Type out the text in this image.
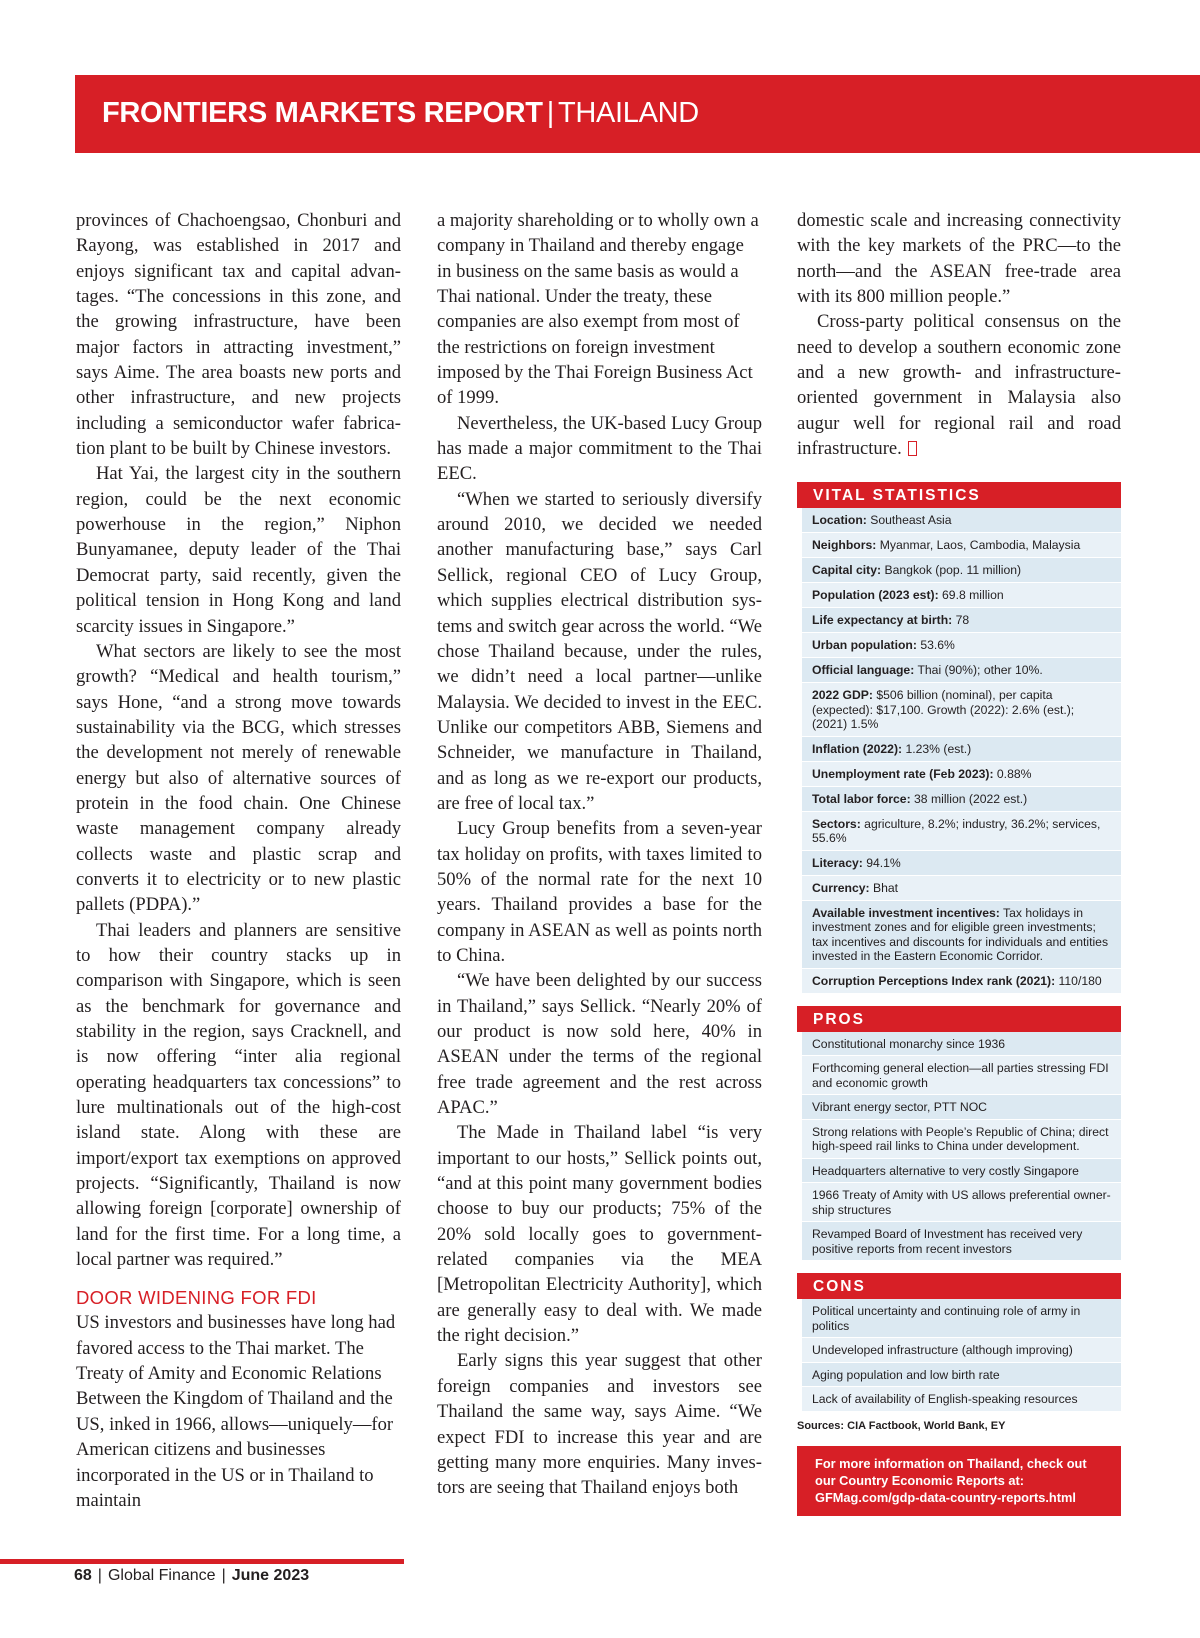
FRONTIERS MARKETS REPORT | THAILAND

provinces of Chachoengsao, Chonburi and Rayong, was established in 2017 and enjoys significant tax and capital advantages. “The concessions in this zone, and the growing infrastructure, have been major factors in attracting investment,” says Aime. The area boasts new ports and other infrastructure, and new projects including a semiconductor wafer fabrication plant to be built by Chinese investors.

Hat Yai, the largest city in the southern region, could be the next economic powerhouse in the region,” Niphon Bunyamanee, deputy leader of the Thai Democrat party, said recently, given the political tension in Hong Kong and land scarcity issues in Singapore.”

What sectors are likely to see the most growth? “Medical and health tourism,” says Hone, “and a strong move towards sustainability via the BCG, which stresses the development not merely of renewable energy but also of alternative sources of protein in the food chain. One Chinese waste management company already collects waste and plastic scrap and converts it to electricity or to new plastic pallets (PDPA).”

Thai leaders and planners are sensitive to how their country stacks up in comparison with Singapore, which is seen as the benchmark for governance and stability in the region, says Cracknell, and is now offering “inter alia regional operating headquarters tax concessions” to lure multinationals out of the high-cost island state. Along with these are import/export tax exemptions on approved projects. “Significantly, Thailand is now allowing foreign [corporate] ownership of land for the first time. For a long time, a local partner was required.”

DOOR WIDENING FOR FDI

US investors and businesses have long had favored access to the Thai market. The Treaty of Amity and Economic Relations Between the Kingdom of Thailand and the US, inked in 1966, allows—uniquely—for American citizens and businesses incorporated in the US or in Thailand to maintain

a majority shareholding or to wholly own a company in Thailand and thereby engage in business on the same basis as would a Thai national. Under the treaty, these companies are also exempt from most of the restrictions on foreign investment imposed by the Thai Foreign Business Act of 1999.

Nevertheless, the UK-based Lucy Group has made a major commitment to the Thai EEC.

“When we started to seriously diversify around 2010, we decided we needed another manufacturing base,” says Carl Sellick, regional CEO of Lucy Group, which supplies electrical distribution systems and switch gear across the world. “We chose Thailand because, under the rules, we didn’t need a local partner—unlike Malaysia. We decided to invest in the EEC. Unlike our competitors ABB, Siemens and Schneider, we manufacture in Thailand, and as long as we re-export our products, are free of local tax.”

Lucy Group benefits from a seven-year tax holiday on profits, with taxes limited to 50% of the normal rate for the next 10 years. Thailand provides a base for the company in ASEAN as well as points north to China.

“We have been delighted by our success in Thailand,” says Sellick. “Nearly 20% of our product is now sold here, 40% in ASEAN under the terms of the regional free trade agreement and the rest across APAC.”

The Made in Thailand label “is very important to our hosts,” Sellick points out, “and at this point many government bodies choose to buy our products; 75% of the 20% sold locally goes to government-related companies via the MEA [Metropolitan Electricity Authority], which are generally easy to deal with. We made the right decision.”

Early signs this year suggest that other foreign companies and investors see Thailand the same way, says Aime. “We expect FDI to increase this year and are getting many more enquiries. Many investors are seeing that Thailand enjoys both

domestic scale and increasing connectivity with the key markets of the PRC—to the north—and the ASEAN free-trade area with its 800 million people.”

Cross-party political consensus on the need to develop a southern economic zone and a new growth- and infrastructure-oriented government in Malaysia also augur well for regional rail and road infrastructure.

VITAL STATISTICS
Location: Southeast Asia
Neighbors: Myanmar, Laos, Cambodia, Malaysia
Capital city: Bangkok (pop. 11 million)
Population (2023 est): 69.8 million
Life expectancy at birth: 78
Urban population: 53.6%
Official language: Thai (90%); other 10%.
2022 GDP: $506 billion (nominal), per capita (expected): $17,100. Growth (2022): 2.6% (est.); (2021) 1.5%
Inflation (2022): 1.23% (est.)
Unemployment rate (Feb 2023): 0.88%
Total labor force: 38 million (2022 est.)
Sectors: agriculture, 8.2%; industry, 36.2%; services, 55.6%
Literacy: 94.1%
Currency: Bhat
Available investment incentives: Tax holidays in investment zones and for eligible green investments; tax incentives and discounts for individuals and entities invested in the Eastern Economic Corridor.
Corruption Perceptions Index rank (2021): 110/180
PROS
Constitutional monarchy since 1936
Forthcoming general election—all parties stressing FDI and economic growth
Vibrant energy sector, PTT NOC
Strong relations with People’s Republic of China; direct high-speed rail links to China under development.
Headquarters alternative to very costly Singapore
1966 Treaty of Amity with US allows preferential ownership structures
Revamped Board of Investment has received very positive reports from recent investors
CONS
Political uncertainty and continuing role of army in politics
Undeveloped infrastructure (although improving)
Aging population and low birth rate
Lack of availability of English-speaking resources
Sources: CIA Factbook, World Bank, EY
For more information on Thailand, check out our Country Economic Reports at: GFMag.com/gdp-data-country-reports.html
68 | Global Finance | June 2023
